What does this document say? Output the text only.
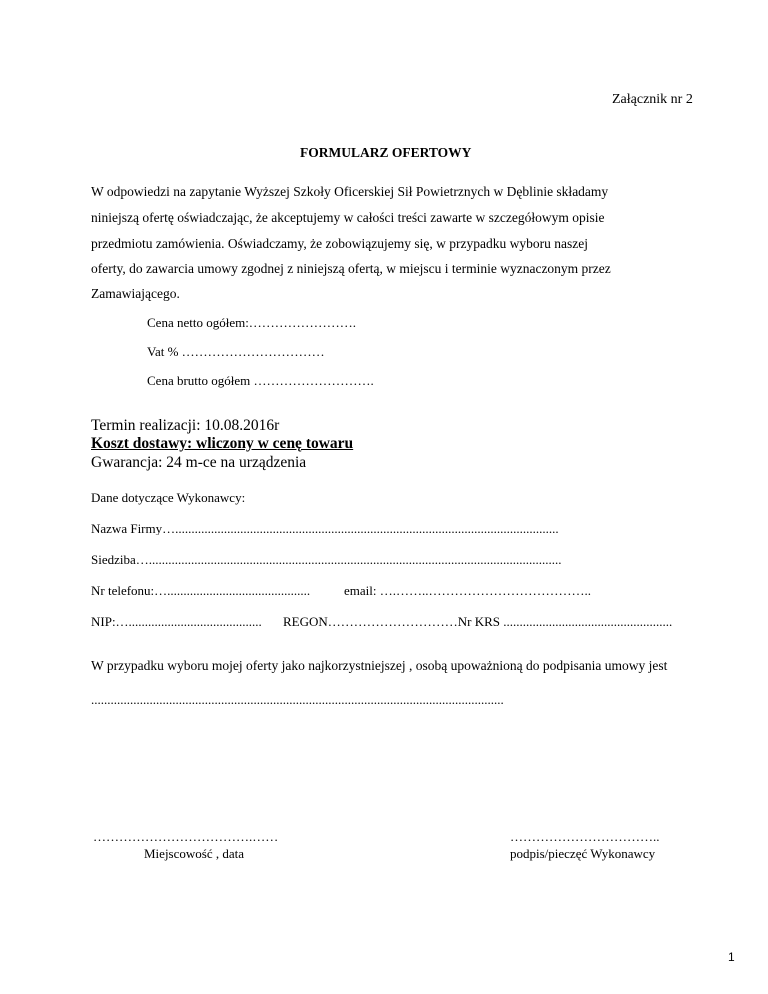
Załącznik nr 2
FORMULARZ OFERTOWY
W odpowiedzi na zapytanie Wyższej Szkoły Oficerskiej Sił Powietrznych w Dęblinie składamy
niniejszą ofertę oświadczając, że akceptujemy w całości treści zawarte w szczegółowym opisie
przedmiotu zamówienia. Oświadczamy, że zobowiązujemy się, w przypadku wyboru naszej
oferty, do zawarcia umowy zgodnej z niniejszą ofertą, w miejscu i terminie wyznaczonym przez
Zamawiającego.
Cena netto ogółem:…………………….
Vat % ……………………………
Cena brutto ogółem ……………………….
Termin realizacji: 10.08.2016r
Koszt dostawy: wliczony w cenę towaru
Gwarancja: 24 m-ce na urządzenia
Dane dotyczące Wykonawcy:
Nazwa Firmy…......................................................................................................................
Siedziba…...............................................................................................................................
Nr telefonu:…............................................	email: ….……..………………………………..
NIP:….........................................	REGON…………………………Nr KRS ....................................................
W przypadku wyboru mojej oferty jako najkorzystniejszej , osobą upoważnioną do podpisania umowy jest
...............................................................................................................................
……………………………….……
Miejscowość , data
……………………………..
podpis/pieczęć Wykonawcy
1
